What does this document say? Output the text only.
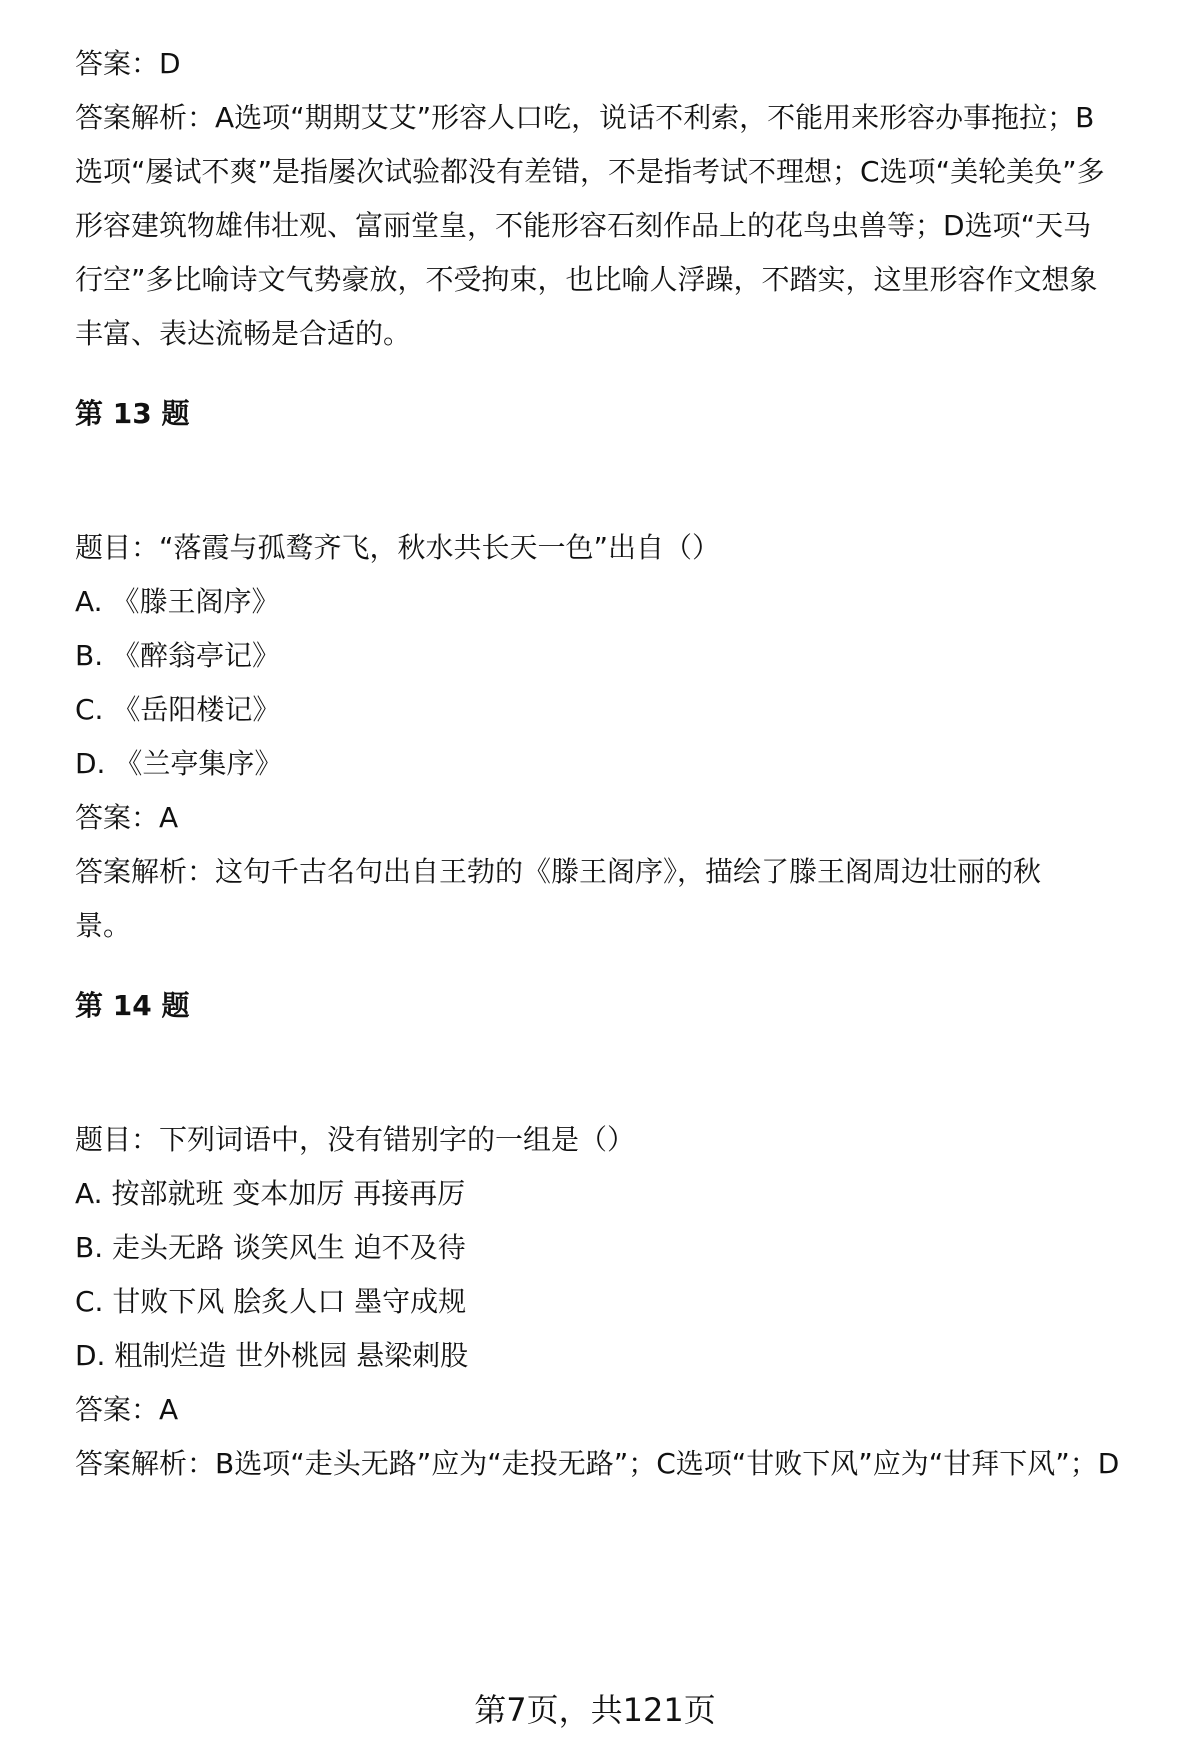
答案：D
答案解析：A选项“期期艾艾”形容人口吃，说话不利索，不能用来形容办事拖拉；B
选项“屡试不爽”是指屡次试验都没有差错，不是指考试不理想；C选项“美轮美奂”多
形容建筑物雄伟壮观、富丽堂皇，不能形容石刻作品上的花鸟虫兽等；D选项“天马
行空”多比喻诗文气势豪放，不受拘束，也比喻人浮躁，不踏实，这里形容作文想象
丰富、表达流畅是合适的。
第 13 题
题目：“落霞与孤鹜齐飞，秋水共长天一色”出自（）
A. 《滕王阁序》
B. 《醉翁亭记》
C. 《岳阳楼记》
D. 《兰亭集序》
答案：A
答案解析：这句千古名句出自王勃的《滕王阁序》，描绘了滕王阁周边壮丽的秋
景。
第 14 题
题目：下列词语中，没有错别字的一组是（）
A. 按部就班 变本加厉 再接再厉
B. 走头无路 谈笑风生 迫不及待
C. 甘败下风 脍炙人口 墨守成规
D. 粗制烂造 世外桃园 悬梁刺股
答案：A
答案解析：B选项“走头无路”应为“走投无路”；C选项“甘败下风”应为“甘拜下风”；D
第7页，共121页
